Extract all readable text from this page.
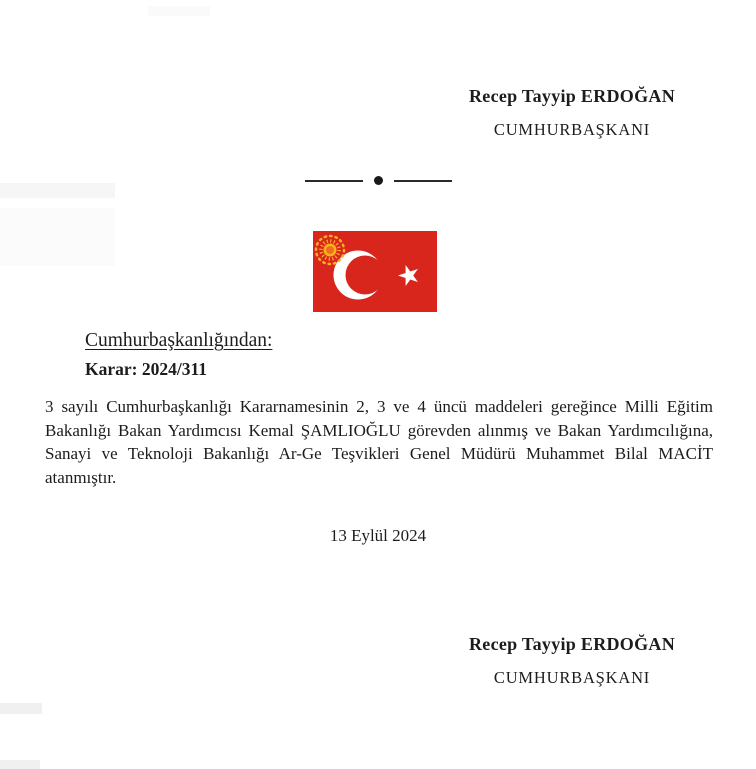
Recep Tayyip ERDOĞAN
CUMHURBAŞKANI
Cumhurbaşkanlığından:
Karar: 2024/311
3 sayılı Cumhurbaşkanlığı Kararnamesinin 2, 3 ve 4 üncü maddeleri gereğince Milli Eğitim Bakanlığı Bakan Yardımcısı Kemal ŞAMLIOĞLU görevden alınmış ve Bakan Yardımcılığına, Sanayi ve Teknoloji Bakanlığı Ar-Ge Teşvikleri Genel Müdürü Muhammet Bilal MACİT atanmıştır.
13 Eylül 2024
Recep Tayyip ERDOĞAN
CUMHURBAŞKANI
